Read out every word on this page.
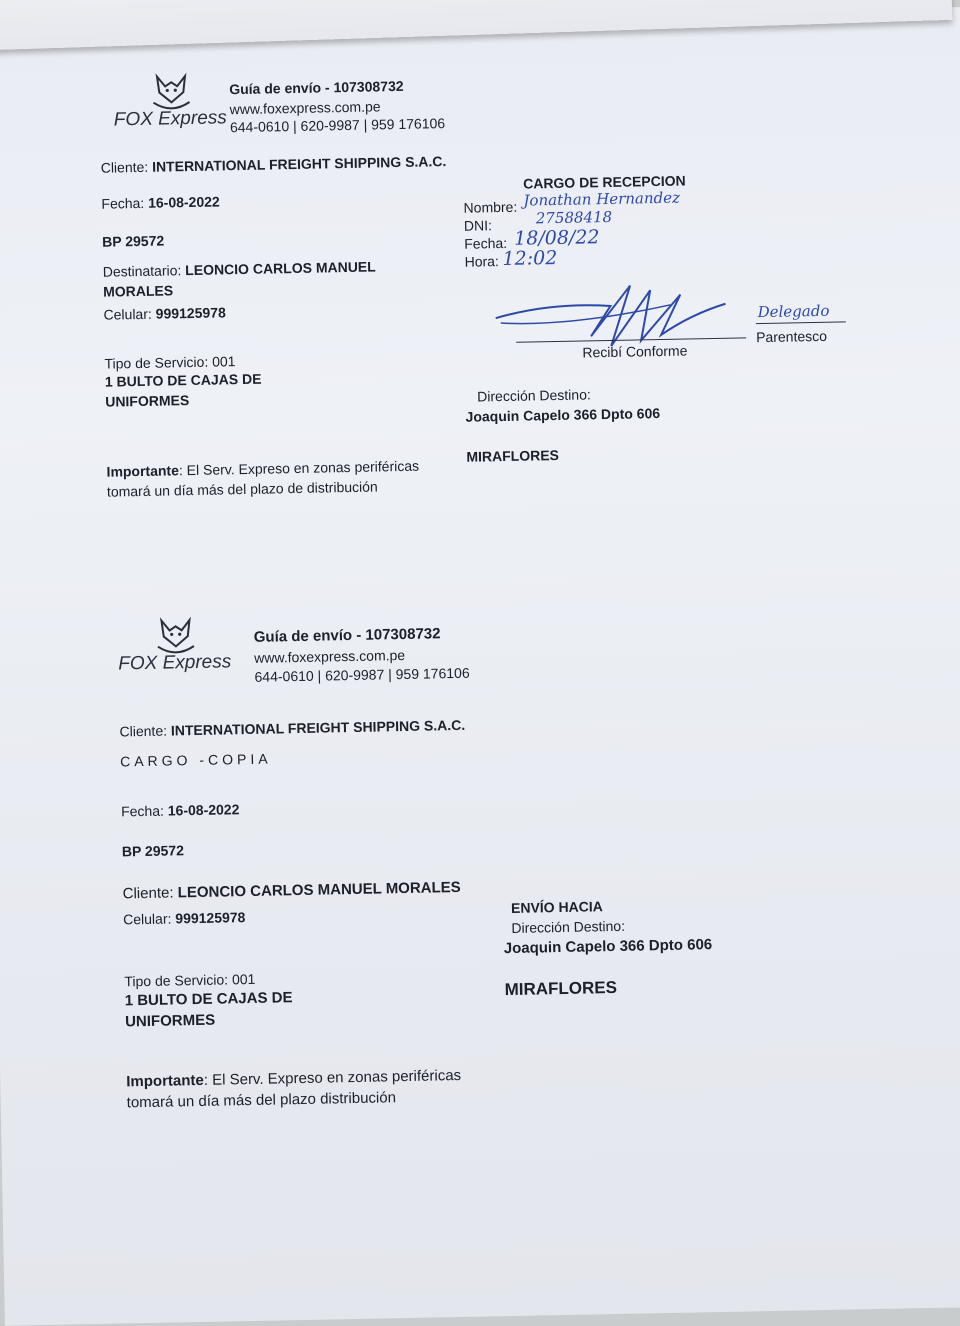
FOX Express
Guía de envío - 107308732
www.foxexpress.com.pe
644-0610 | 620-9987 | 959 176106
Cliente: INTERNATIONAL FREIGHT SHIPPING S.A.C.
Fecha: 16-08-2022
BP 29572
Destinatario: LEONCIO CARLOS MANUEL
MORALES
Celular: 999125978
Tipo de Servicio: 001
1 BULTO DE CAJAS DE
UNIFORMES
Importante: El Serv. Expreso en zonas periféricas
tomará un día más del plazo de distribución
CARGO DE RECEPCION
Nombre: Jonathan Hernandez
DNI:	27588418
Fecha: 18/08/22
Hora: 12:02
Recibí Conforme
Delegado
Parentesco
Dirección Destino:
Joaquin Capelo 366 Dpto 606
MIRAFLORES
FOX Express
Guía de envío - 107308732
www.foxexpress.com.pe
644-0610 | 620-9987 | 959 176106
Cliente: INTERNATIONAL FREIGHT SHIPPING S.A.C.
CARGO -COPIA
Fecha: 16-08-2022
BP 29572
Cliente: LEONCIO CARLOS MANUEL MORALES
Celular: 999125978
Tipo de Servicio: 001
1 BULTO DE CAJAS DE
UNIFORMES
ENVÍO HACIA
Dirección Destino:
Joaquin Capelo 366 Dpto 606
MIRAFLORES
Importante: El Serv. Expreso en zonas periféricas
tomará un día más del plazo distribución
